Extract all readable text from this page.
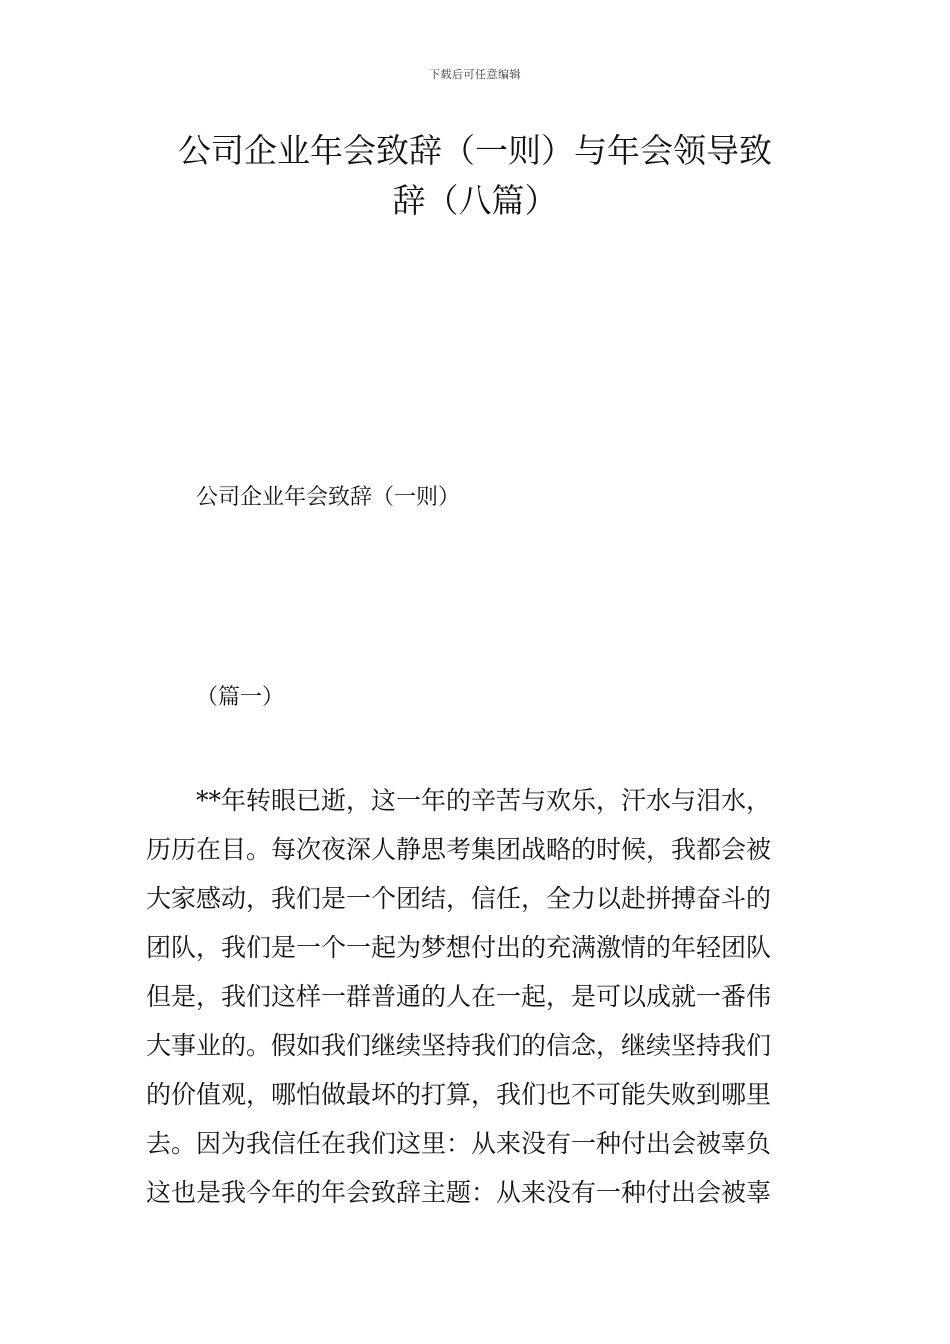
下载后可任意编辑
公司企业年会致辞（一则）与年会领导致
辞（八篇）
公司企业年会致辞（一则）
（篇一）

**年转眼已逝，这一年的辛苦与欢乐，汗水与泪水，
历历在目。每次夜深人静思考集团战略的时候，我都会被
大家感动，我们是一个团结，信任，全力以赴拼搏奋斗的
团队，我们是一个一起为梦想付出的充满激情的年轻团队
但是，我们这样一群普通的人在一起，是可以成就一番伟
大事业的。假如我们继续坚持我们的信念，继续坚持我们
的价值观，哪怕做最坏的打算，我们也不可能失败到哪里
去。因为我信任在我们这里：从来没有一种付出会被辜负
这也是我今年的年会致辞主题：从来没有一种付出会被辜
